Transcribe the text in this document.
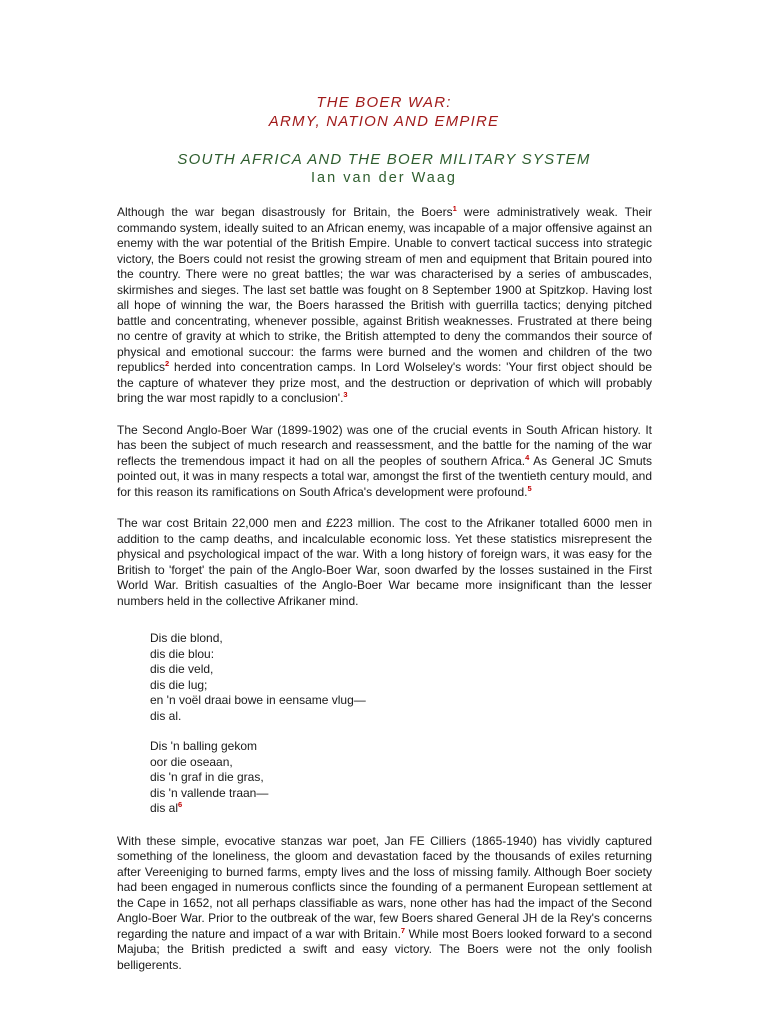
THE BOER WAR:
ARMY, NATION AND EMPIRE
SOUTH AFRICA AND THE BOER MILITARY SYSTEM
Ian van der Waag

Although the war began disastrously for Britain, the Boers$^1$ were administratively weak. Their commando system, ideally suited to an African enemy, was incapable of a major offensive against an enemy with the war potential of the British Empire. Unable to convert tactical success into strategic victory, the Boers could not resist the growing stream of men and equipment that Britain poured into the country. There were no great battles; the war was characterised by a series of ambuscades, skirmishes and sieges. The last set battle was fought on 8 September 1900 at Spitzkop. Having lost all hope of winning the war, the Boers harassed the British with guerrilla tactics; denying pitched battle and concentrating, whenever possible, against British weaknesses. Frustrated at there being no centre of gravity at which to strike, the British attempted to deny the commandos their source of physical and emotional succour: the farms were burned and the women and children of the two republics$^2$ herded into concentration camps. In Lord Wolseley's words: 'Your first object should be the capture of whatever they prize most, and the destruction or deprivation of which will probably bring the war most rapidly to a conclusion'.$^3$

The Second Anglo-Boer War (1899-1902) was one of the crucial events in South African history. It has been the subject of much research and reassessment, and the battle for the naming of the war reflects the tremendous impact it had on all the peoples of southern Africa.$^4$ As General JC Smuts pointed out, it was in many respects a total war, amongst the first of the twentieth century mould, and for this reason its ramifications on South Africa's development were profound.$^5$

The war cost Britain 22,000 men and £223 million. The cost to the Afrikaner totalled 6000 men in addition to the camp deaths, and incalculable economic loss. Yet these statistics misrepresent the physical and psychological impact of the war. With a long history of foreign wars, it was easy for the British to 'forget' the pain of the Anglo-Boer War, soon dwarfed by the losses sustained in the First World War. British casualties of the Anglo-Boer War became more insignificant than the lesser numbers held in the collective Afrikaner mind.

Dis die blond,
dis die blou:
dis die veld,
dis die lug;
en 'n voël draai bowe in eensame vlug—
dis al.
Dis 'n balling gekom
oor die oseaan,
dis 'n graf in die gras,
dis 'n vallende traan—
dis $al^6$

With these simple, evocative stanzas war poet, Jan FE Cilliers (1865-1940) has vividly captured something of the loneliness, the gloom and devastation faced by the thousands of exiles returning after Vereeniging to burned farms, empty lives and the loss of missing family. Although Boer society had been engaged in numerous conflicts since the founding of a permanent European settlement at the Cape in 1652, not all perhaps classifiable as wars, none other has had the impact of the Second Anglo-Boer War. Prior to the outbreak of the war, few Boers shared General JH de la Rey's concerns regarding the nature and impact of a war with Britain.$^7$ While most Boers looked forward to a second Majuba; the British predicted a swift and easy victory. The Boers were not the only foolish belligerents.
